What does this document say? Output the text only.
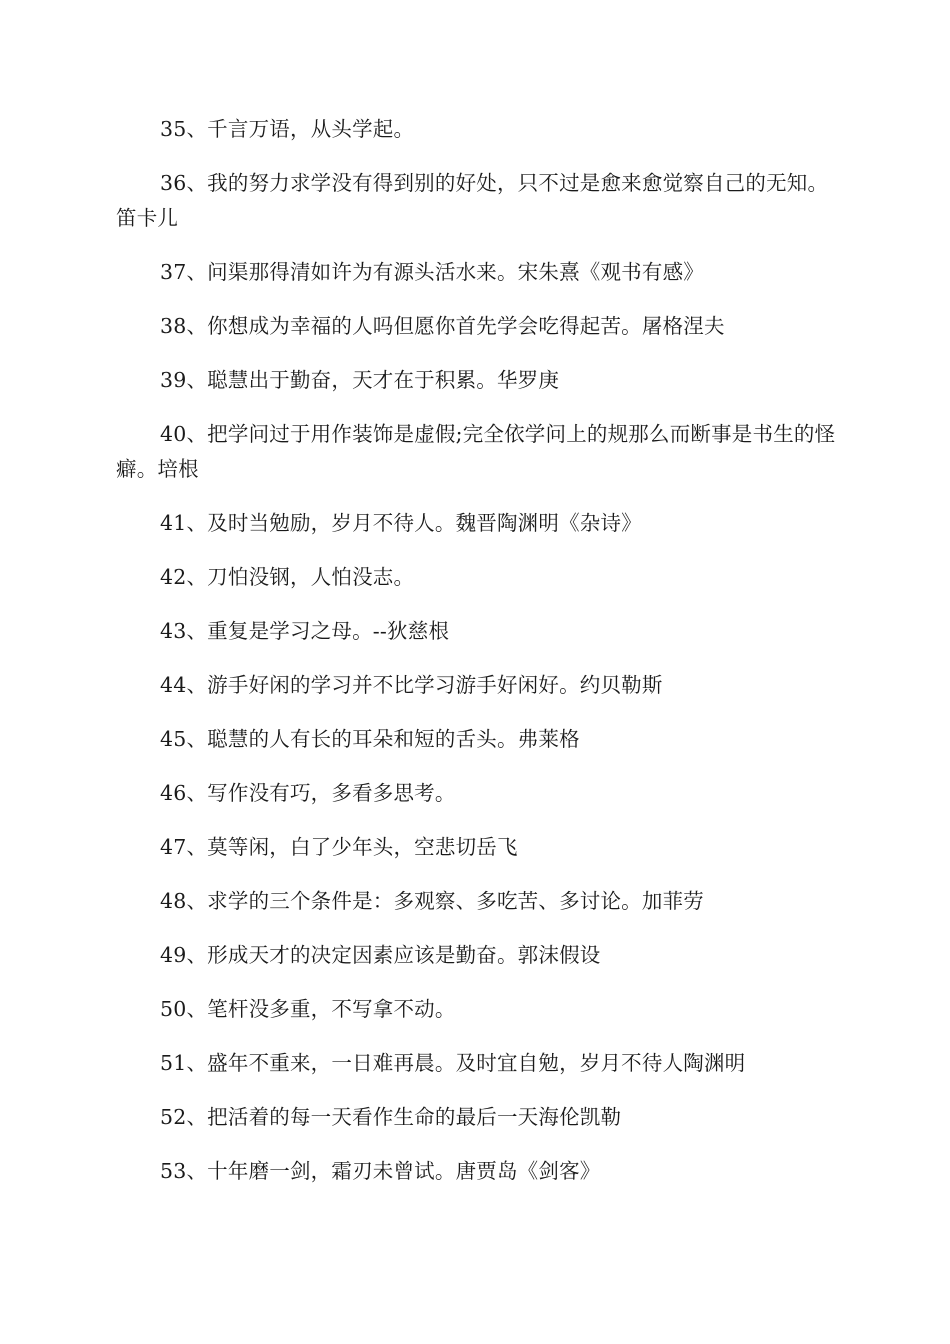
35、千言万语，从头学起。

36、我的努力求学没有得到别的好处，只不过是愈来愈觉察自己的无知。笛卡儿

37、问渠那得清如许为有源头活水来。宋朱熹《观书有感》

38、你想成为幸福的人吗但愿你首先学会吃得起苦。屠格涅夫

39、聪慧出于勤奋，天才在于积累。华罗庚

40、把学问过于用作装饰是虚假;完全依学问上的规那么而断事是书生的怪癖。培根

41、及时当勉励，岁月不待人。魏晋陶渊明《杂诗》

42、刀怕没钢，人怕没志。

43、重复是学习之母。--狄慈根

44、游手好闲的学习并不比学习游手好闲好。约贝勒斯

45、聪慧的人有长的耳朵和短的舌头。弗莱格

46、写作没有巧，多看多思考。

47、莫等闲，白了少年头，空悲切岳飞

48、求学的三个条件是：多观察、多吃苦、多讨论。加菲劳

49、形成天才的决定因素应该是勤奋。郭沫假设

50、笔杆没多重，不写拿不动。

51、盛年不重来，一日难再晨。及时宜自勉，岁月不待人陶渊明

52、把活着的每一天看作生命的最后一天海伦凯勒

53、十年磨一剑，霜刃未曾试。唐贾岛《剑客》
